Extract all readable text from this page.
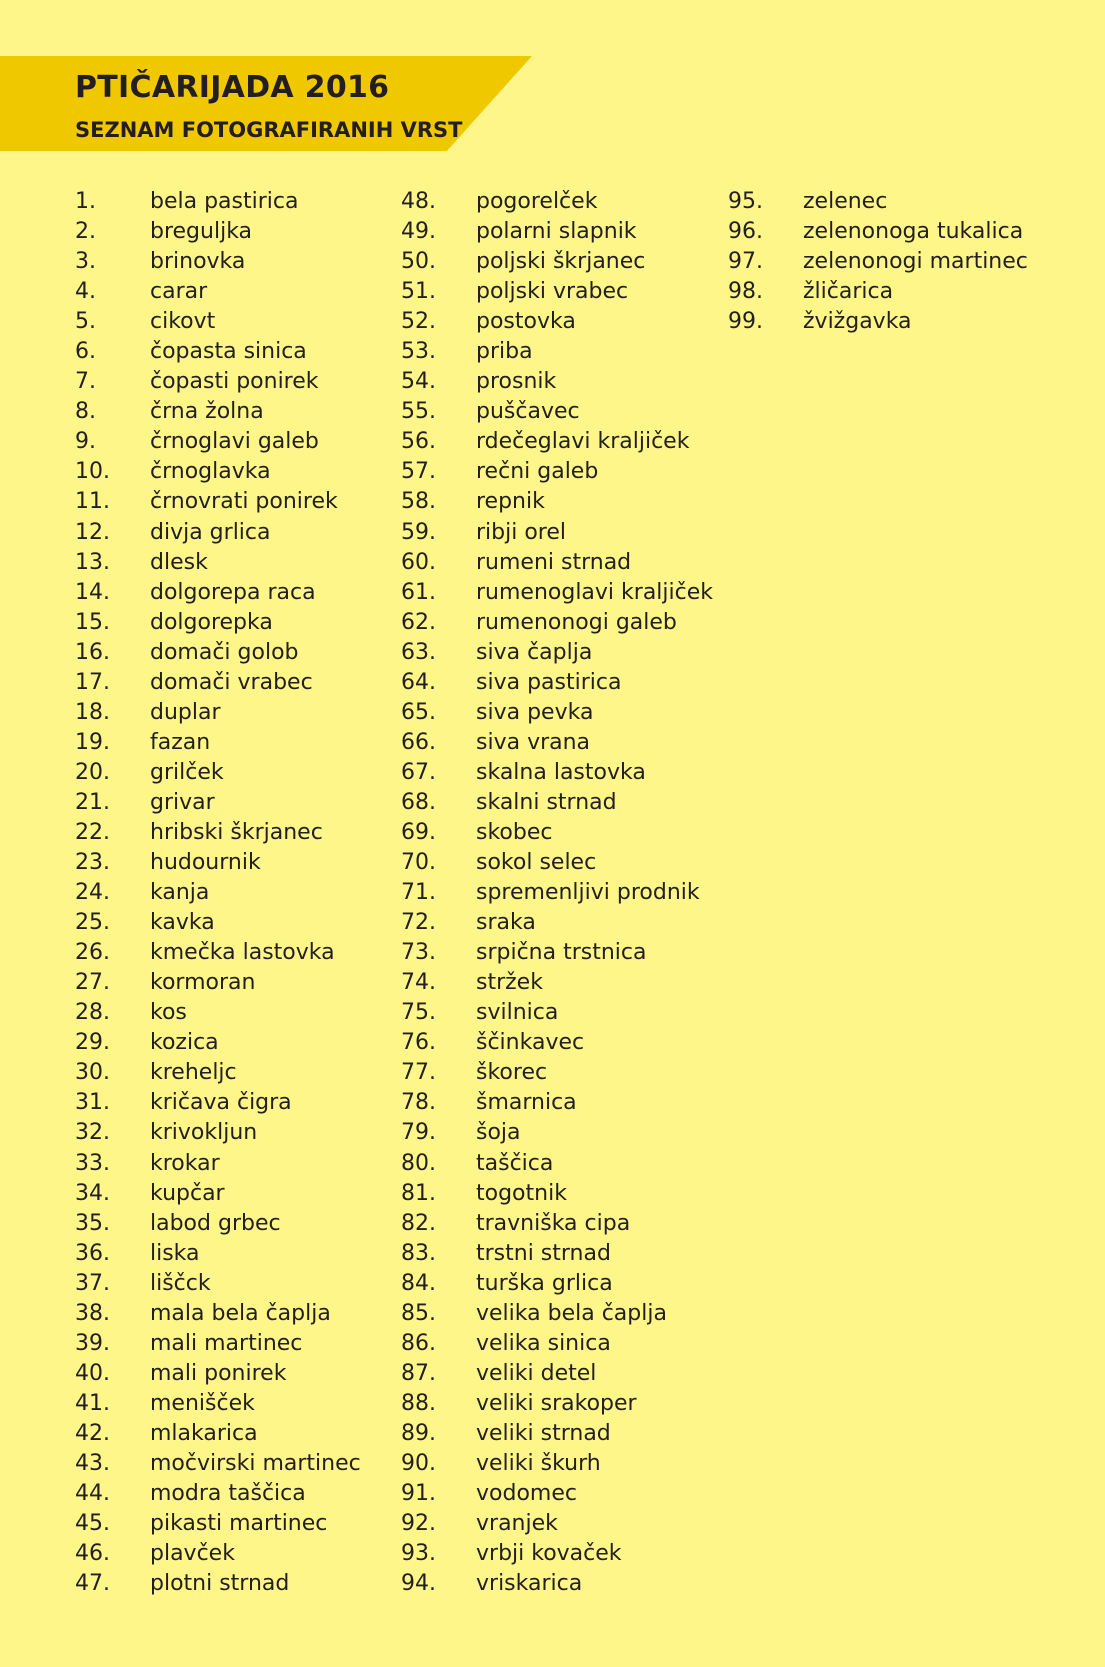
PTIČARIJADA 2016
SEZNAM FOTOGRAFIRANIH VRST
1. bela pastirica
2. breguljka
3. brinovka
4. carar
5. cikovt
6. čopasta sinica
7. čopasti ponirek
8. črna žolna
9. črnoglavi galeb
10. črnoglavka
11. črnovrati ponirek
12. divja grlica
13. dlesk
14. dolgorepa raca
15. dolgorepka
16. domači golob
17. domači vrabec
18. duplar
19. fazan
20. grilček
21. grivar
22. hribski škrjanec
23. hudournik
24. kanja
25. kavka
26. kmečka lastovka
27. kormoran
28. kos
29. kozica
30. kreheljc
31. kričava čigra
32. krivokljun
33. krokar
34. kupčar
35. labod grbec
36. liska
37. liščck
38. mala bela čaplja
39. mali martinec
40. mali ponirek
41. menišček
42. mlakarica
43. močvirski martinec
44. modra taščica
45. pikasti martinec
46. plavček
47. plotni strnad
48. pogorelček
49. polarni slapnik
50. poljski škrjanec
51. poljski vrabec
52. postovka
53. priba
54. prosnik
55. puščavec
56. rdečeglavi kraljiček
57. rečni galeb
58. repnik
59. ribji orel
60. rumeni strnad
61. rumenoglavi kraljiček
62. rumenonogi galeb
63. siva čaplja
64. siva pastirica
65. siva pevka
66. siva vrana
67. skalna lastovka
68. skalni strnad
69. skobec
70. sokol selec
71. spremenljivi prodnik
72. sraka
73. srpična trstnica
74. stržek
75. svilnica
76. ščinkavec
77. škorec
78. šmarnica
79. šoja
80. taščica
81. togotnik
82. travniška cipa
83. trstni strnad
84. turška grlica
85. velika bela čaplja
86. velika sinica
87. veliki detel
88. veliki srakoper
89. veliki strnad
90. veliki škurh
91. vodomec
92. vranjek
93. vrbji kovaček
94. vriskarica
95. zelenec
96. zelenonoga tukalica
97. zelenonogi martinec
98. žličarica
99. žvižgavka
